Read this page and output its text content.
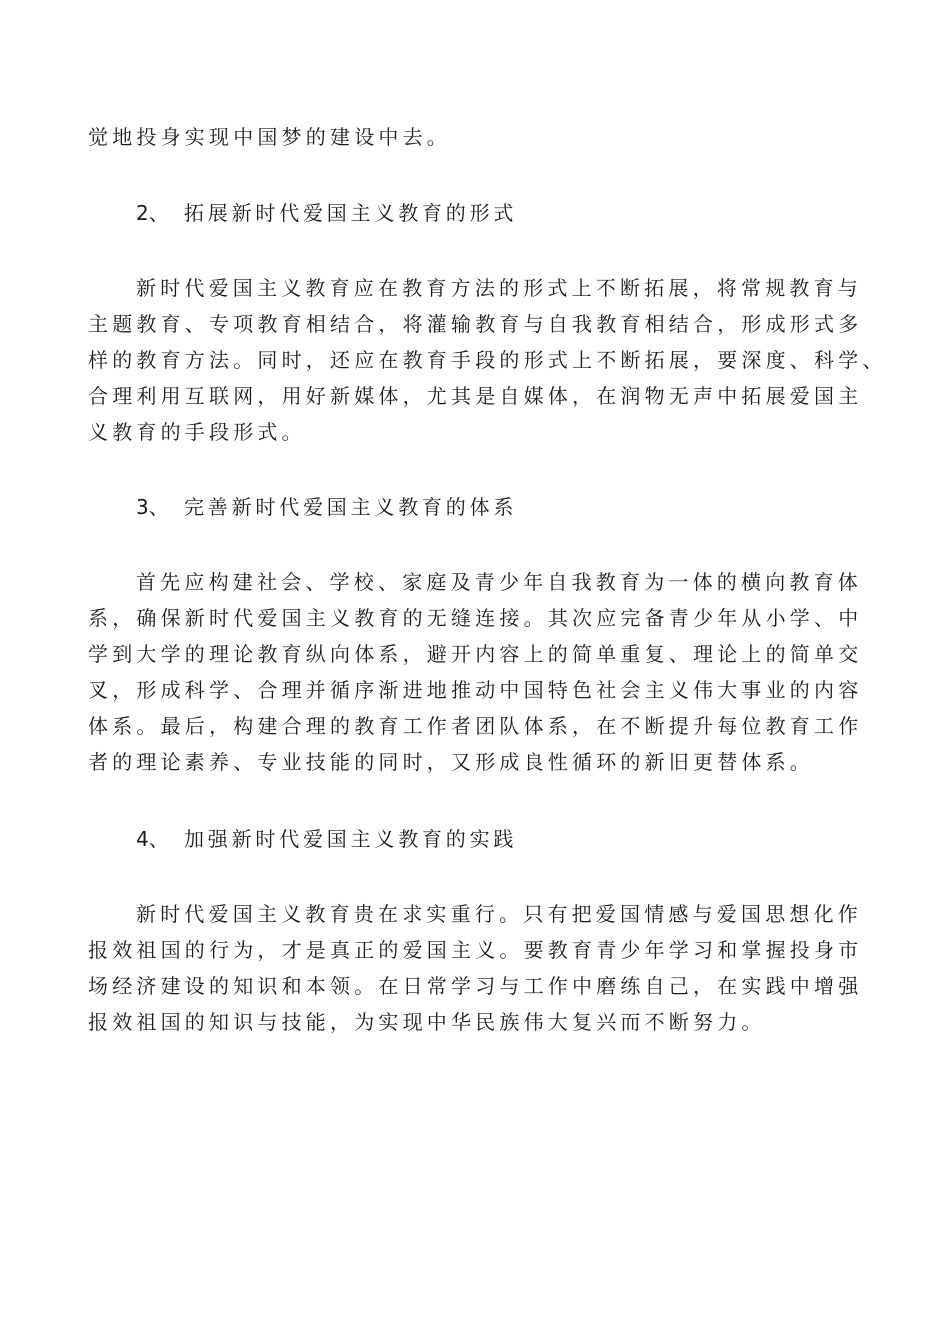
觉地投身实现中国梦的建设中去。
2、 拓展新时代爱国主义教育的形式
新时代爱国主义教育应在教育方法的形式上不断拓展，将常规教育与
主题教育、专项教育相结合，将灌输教育与自我教育相结合，形成形式多
样的教育方法。同时，还应在教育手段的形式上不断拓展，要深度、科学、
合理利用互联网，用好新媒体，尤其是自媒体，在润物无声中拓展爱国主
义教育的手段形式。
3、 完善新时代爱国主义教育的体系
首先应构建社会、学校、家庭及青少年自我教育为一体的横向教育体
系，确保新时代爱国主义教育的无缝连接。其次应完备青少年从小学、中
学到大学的理论教育纵向体系，避开内容上的简单重复、理论上的简单交
叉，形成科学、合理并循序渐进地推动中国特色社会主义伟大事业的内容
体系。最后，构建合理的教育工作者团队体系，在不断提升每位教育工作
者的理论素养、专业技能的同时，又形成良性循环的新旧更替体系。
4、 加强新时代爱国主义教育的实践
新时代爱国主义教育贵在求实重行。只有把爱国情感与爱国思想化作
报效祖国的行为，才是真正的爱国主义。要教育青少年学习和掌握投身市
场经济建设的知识和本领。在日常学习与工作中磨练自己，在实践中增强
报效祖国的知识与技能，为实现中华民族伟大复兴而不断努力。
